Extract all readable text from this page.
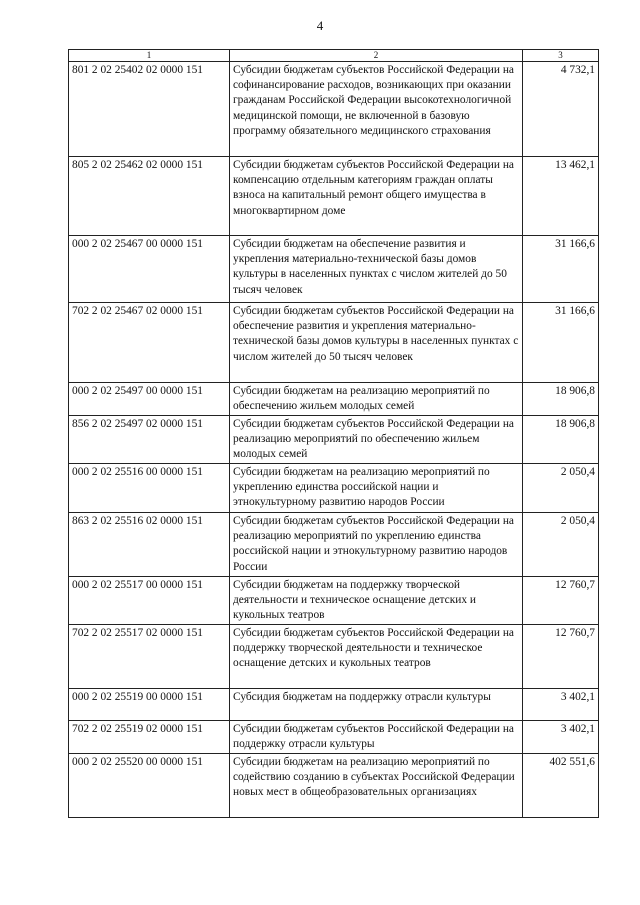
4
1	2	3
801 2 02 25402 02 0000 151	Субсидии бюджетам субъектов Российской Федерации на софинансирование расходов, возникающих при оказании гражданам Российской Федерации высокотехнологичной медицинской помощи, не включенной в базовую программу обязательного медицинского страхования	4 732,1
805 2 02 25462 02 0000 151	Субсидии бюджетам субъектов Российской Федерации на компенсацию отдельным категориям граждан оплаты взноса на капитальный ремонт общего имущества в многоквартирном доме	13 462,1
000 2 02 25467 00 0000 151	Субсидии бюджетам на обеспечение развития и укрепления материально-технической базы домов культуры в населенных пунктах с числом жителей до 50 тысяч человек	31 166,6
702 2 02 25467 02 0000 151	Субсидии бюджетам субъектов Российской Федерации на обеспечение развития и укрепления материально-технической базы домов культуры в населенных пунктах с числом жителей до 50 тысяч человек	31 166,6
000 2 02 25497 00 0000 151	Субсидии бюджетам на реализацию мероприятий по обеспечению жильем молодых семей	18 906,8
856 2 02 25497 02 0000 151	Субсидии бюджетам субъектов Российской Федерации на реализацию мероприятий по обеспечению жильем молодых семей	18 906,8
000 2 02 25516 00 0000 151	Субсидии бюджетам на реализацию мероприятий по укреплению единства российской нации и этнокультурному развитию народов России	2 050,4
863 2 02 25516 02 0000 151	Субсидии бюджетам субъектов Российской Федерации на реализацию мероприятий по укреплению единства российской нации и этнокультурному развитию народов России	2 050,4
000 2 02 25517 00 0000 151	Субсидии бюджетам на поддержку творческой деятельности и техническое оснащение детских и кукольных театров	12 760,7
702 2 02 25517 02 0000 151	Субсидии бюджетам субъектов Российской Федерации на поддержку творческой деятельности и техническое оснащение детских и кукольных театров	12 760,7
000 2 02 25519 00 0000 151	Субсидия бюджетам на поддержку отрасли культуры	3 402,1
702 2 02 25519 02 0000 151	Субсидии бюджетам субъектов Российской Федерации на поддержку отрасли культуры	3 402,1
000 2 02 25520 00 0000 151	Субсидии бюджетам на реализацию мероприятий по содействию созданию в субъектах Российской Федерации новых мест в общеобразовательных организациях	402 551,6
